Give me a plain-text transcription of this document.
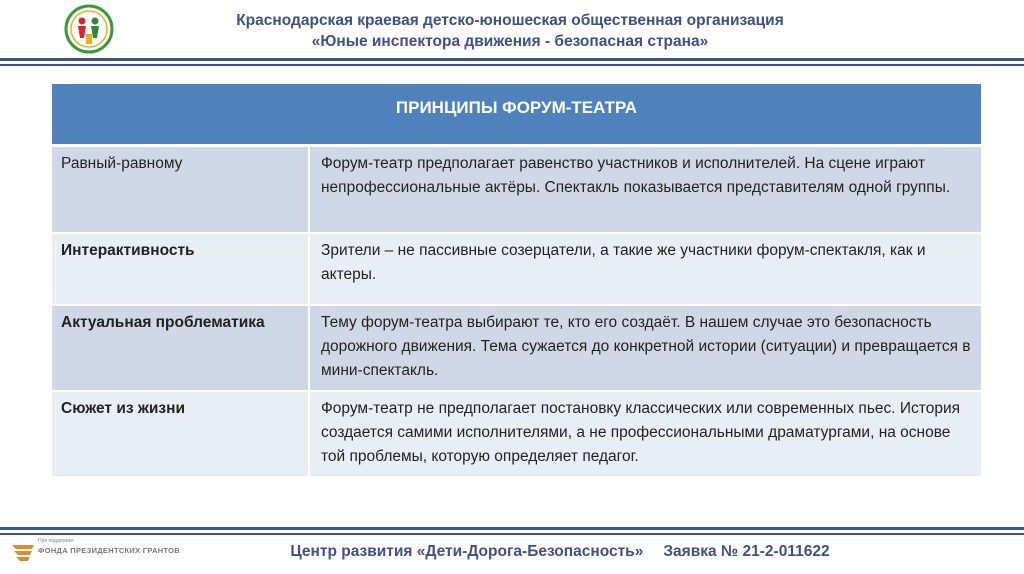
Краснодарская краевая детско-юношеская общественная организация
«Юные инспектора движения - безопасная страна»
ПРИНЦИПЫ ФОРУМ-ТЕАТРА
Равный-равному	Форум-театр предполагает равенство участников и исполнителей. На сцене играют непрофессиональные актёры. Спектакль показывается представителям одной группы.
Интерактивность	Зрители – не пассивные созерцатели, а такие же участники форум-спектакля, как и актеры.
Актуальная проблематика	Тему форум-театра выбирают те, кто его создаёт. В нашем случае это безопасность дорожного движения. Тема сужается до конкретной истории (ситуации) и превращается в мини-спектакль.
Сюжет из жизни	Форум-театр не предполагает постановку классических или современных пьес. История создается самими исполнителями, а не профессиональными драматургами, на основе той проблемы, которую определяет педагог.
При поддержке
ФОНДА ПРЕЗИДЕНТСКИХ ГРАНТОВ	Центр развития «Дети-Дорога-Безопасность» Заявка № 21-2-011622
